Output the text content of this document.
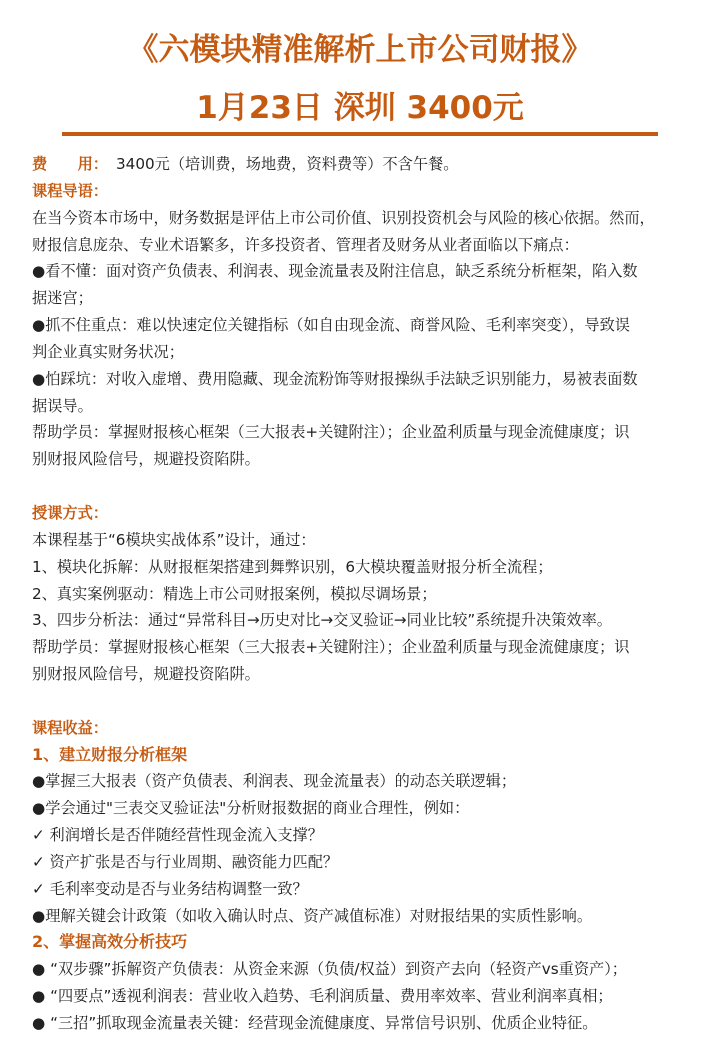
《六模块精准解析上市公司财报》
1月23日 深圳 3400元
费　　用： 3400元（培训费，场地费，资料费等）不含午餐。
课程导语：
在当今资本市场中，财务数据是评估上市公司价值、识别投资机会与风险的核心依据。然而，
财报信息庞杂、专业术语繁多，许多投资者、管理者及财务从业者面临以下痛点：
●看不懂：面对资产负债表、利润表、现金流量表及附注信息，缺乏系统分析框架，陷入数
据迷宫；
●抓不住重点：难以快速定位关键指标（如自由现金流、商誉风险、毛利率突变），导致误
判企业真实财务状况；
●怕踩坑：对收入虚增、费用隐藏、现金流粉饰等财报操纵手法缺乏识别能力，易被表面数
据误导。
帮助学员：掌握财报核心框架（三大报表+关键附注）；企业盈利质量与现金流健康度；识
别财报风险信号，规避投资陷阱。
授课方式：
本课程基于“6模块实战体系”设计，通过：
1、模块化拆解：从财报框架搭建到舞弊识别，6大模块覆盖财报分析全流程；
2、真实案例驱动：精选上市公司财报案例，模拟尽调场景；
3、四步分析法：通过“异常科目→历史对比→交叉验证→同业比较”系统提升决策效率。
帮助学员：掌握财报核心框架（三大报表+关键附注）；企业盈利质量与现金流健康度；识
别财报风险信号，规避投资陷阱。
课程收益：
1、建立财报分析框架
●掌握三大报表（资产负债表、利润表、现金流量表）的动态关联逻辑；
●学会通过"三表交叉验证法"分析财报数据的商业合理性，例如：
✓ 利润增长是否伴随经营性现金流入支撑？
✓ 资产扩张是否与行业周期、融资能力匹配？
✓ 毛利率变动是否与业务结构调整一致？
●理解关键会计政策（如收入确认时点、资产减值标准）对财报结果的实质性影响。
2、掌握高效分析技巧
● “双步骤”拆解资产负债表：从资金来源（负债/权益）到资产去向（轻资产vs重资产）；
● “四要点”透视利润表：营业收入趋势、毛利润质量、费用率效率、营业利润率真相；
● “三招”抓取现金流量表关键：经营现金流健康度、异常信号识别、优质企业特征。
